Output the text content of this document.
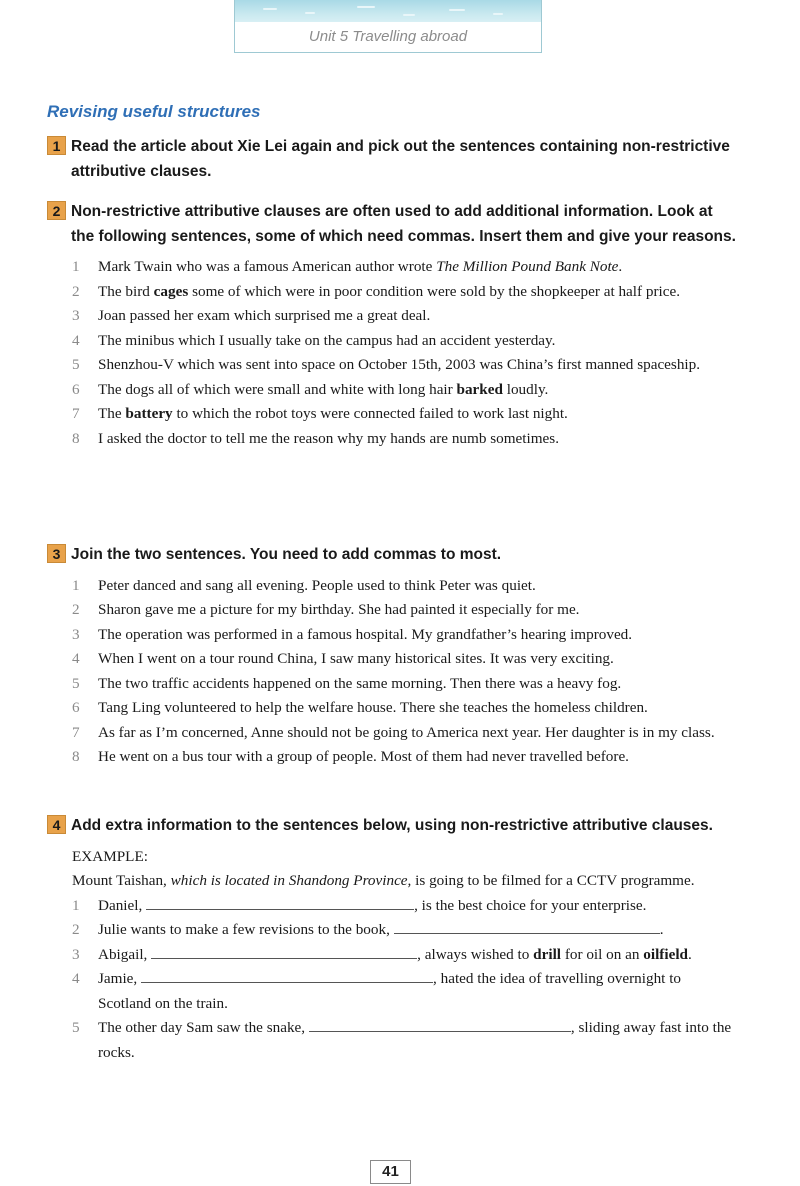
Unit 5 Travelling abroad
Revising useful structures
1 Read the article about Xie Lei again and pick out the sentences containing non-restrictive attributive clauses.
2 Non-restrictive attributive clauses are often used to add additional information. Look at the following sentences, some of which need commas. Insert them and give your reasons.
1	Mark Twain who was a famous American author wrote The Million Pound Bank Note.
2	The bird cages some of which were in poor condition were sold by the shopkeeper at half price.
3	Joan passed her exam which surprised me a great deal.
4	The minibus which I usually take on the campus had an accident yesterday.
5	Shenzhou-V which was sent into space on October 15th, 2003 was China’s first manned spaceship.
6	The dogs all of which were small and white with long hair barked loudly.
7	The battery to which the robot toys were connected failed to work last night.
8	I asked the doctor to tell me the reason why my hands are numb sometimes.
3 Join the two sentences. You need to add commas to most.
1	Peter danced and sang all evening. People used to think Peter was quiet.
2	Sharon gave me a picture for my birthday. She had painted it especially for me.
3	The operation was performed in a famous hospital. My grandfather’s hearing improved.
4	When I went on a tour round China, I saw many historical sites. It was very exciting.
5	The two traffic accidents happened on the same morning. Then there was a heavy fog.
6	Tang Ling volunteered to help the welfare house. There she teaches the homeless children.
7	As far as I’m concerned, Anne should not be going to America next year. Her daughter is in my class.
8	He went on a bus tour with a group of people. Most of them had never travelled before.
4 Add extra information to the sentences below, using non-restrictive attributive clauses.
EXAMPLE:
Mount Taishan, which is located in Shandong Province, is going to be filmed for a CCTV programme.
1	Daniel,	, is the best choice for your enterprise.
2	Julie wants to make a few revisions to the book,	.
3	Abigail,	, always wished to drill for oil on an oilfield.
4	Jamie,	, hated the idea of travelling overnight to Scotland on the train.
5	The other day Sam saw the snake,	, sliding away fast into the rocks.
41
